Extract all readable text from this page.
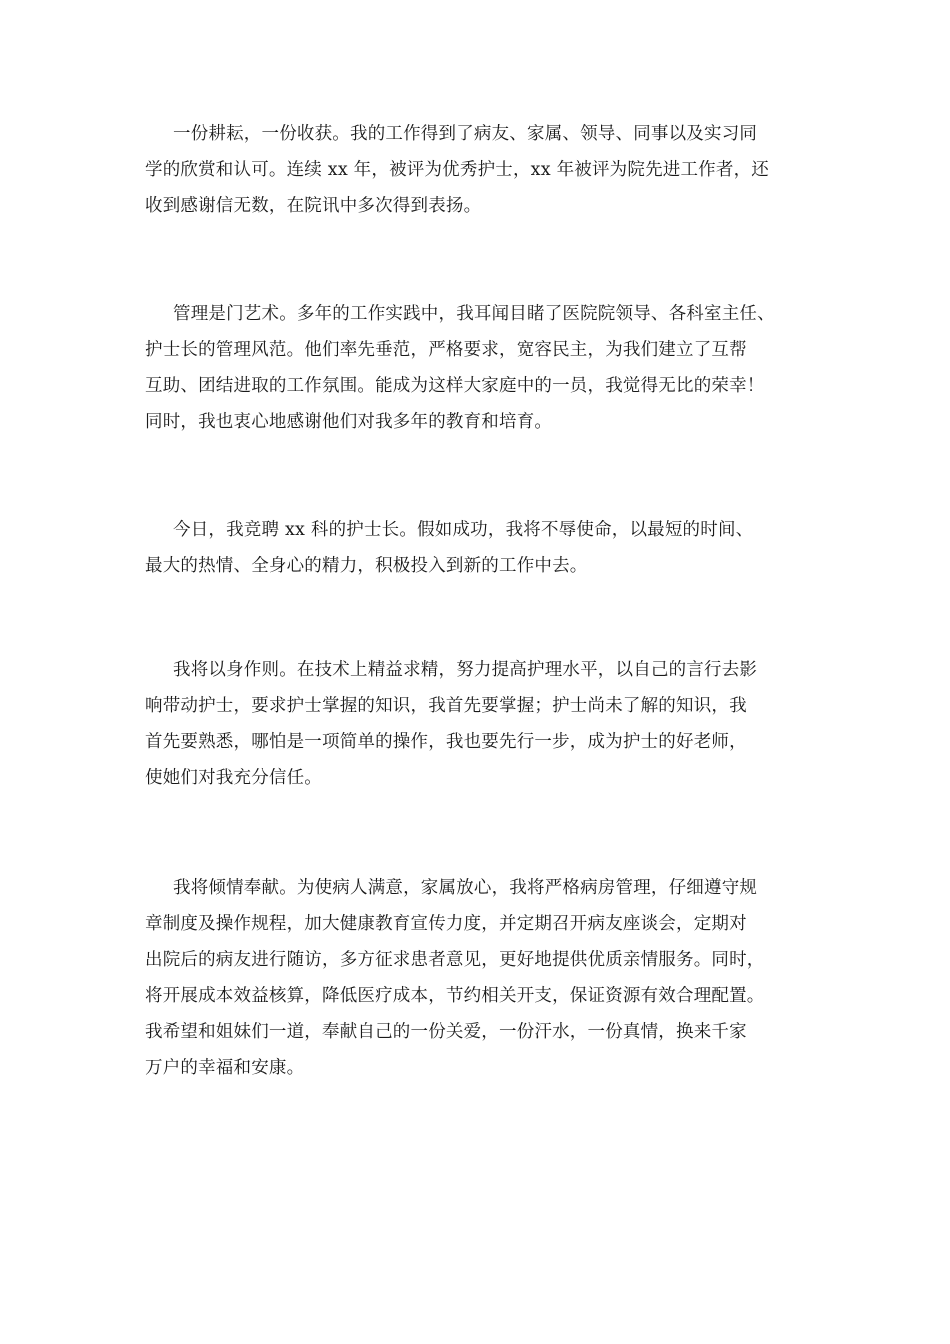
一份耕耘，一份收获。我的工作得到了病友、家属、领导、同事以及实习同
学的欣赏和认可。连续 xx 年，被评为优秀护士，xx 年被评为院先进工作者，还
收到感谢信无数，在院讯中多次得到表扬。
管理是门艺术。多年的工作实践中，我耳闻目睹了医院院领导、各科室主任、
护士长的管理风范。他们率先垂范，严格要求，宽容民主，为我们建立了互帮
互助、团结进取的工作氛围。能成为这样大家庭中的一员，我觉得无比的荣幸！
同时，我也衷心地感谢他们对我多年的教育和培育。
今日，我竞聘 xx 科的护士长。假如成功，我将不辱使命，以最短的时间、
最大的热情、全身心的精力，积极投入到新的工作中去。
我将以身作则。在技术上精益求精，努力提高护理水平，以自己的言行去影
响带动护士，要求护士掌握的知识，我首先要掌握；护士尚未了解的知识，我
首先要熟悉，哪怕是一项简单的操作，我也要先行一步，成为护士的好老师，
使她们对我充分信任。
我将倾情奉献。为使病人满意，家属放心，我将严格病房管理，仔细遵守规
章制度及操作规程，加大健康教育宣传力度，并定期召开病友座谈会，定期对
出院后的病友进行随访，多方征求患者意见，更好地提供优质亲情服务。同时，
将开展成本效益核算，降低医疗成本，节约相关开支，保证资源有效合理配置。
我希望和姐妹们一道，奉献自己的一份关爱，一份汗水，一份真情，换来千家
万户的幸福和安康。
